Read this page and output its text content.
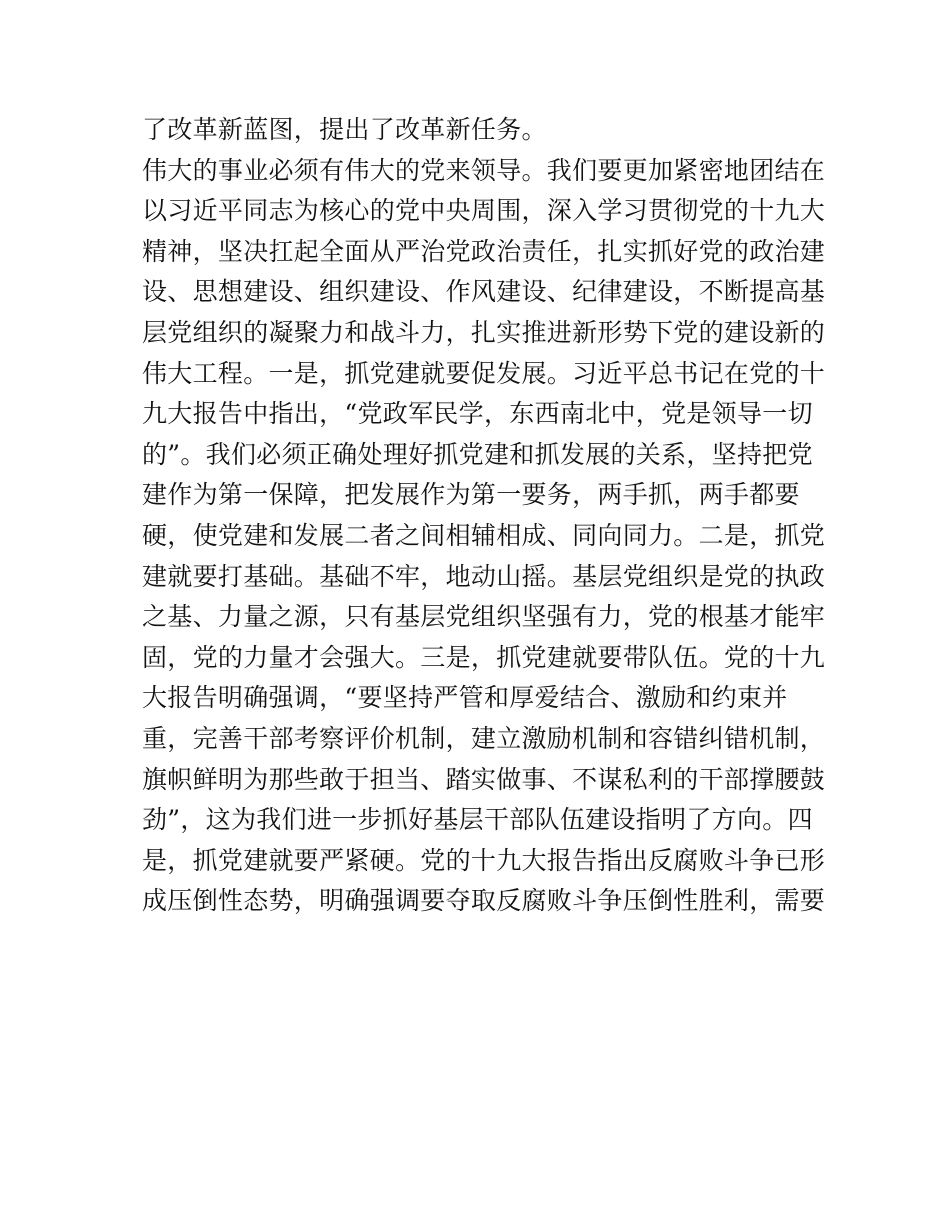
了改革新蓝图，提出了改革新任务。
伟大的事业必须有伟大的党来领导。我们要更加紧密地团结在
以习近平同志为核心的党中央周围，深入学习贯彻党的十九大
精神，坚决扛起全面从严治党政治责任，扎实抓好党的政治建
设、思想建设、组织建设、作风建设、纪律建设，不断提高基
层党组织的凝聚力和战斗力，扎实推进新形势下党的建设新的
伟大工程。一是，抓党建就要促发展。习近平总书记在党的十
九大报告中指出，“党政军民学，东西南北中，党是领导一切
的”。我们必须正确处理好抓党建和抓发展的关系，坚持把党
建作为第一保障，把发展作为第一要务，两手抓，两手都要
硬，使党建和发展二者之间相辅相成、同向同力。二是，抓党
建就要打基础。基础不牢，地动山摇。基层党组织是党的执政
之基、力量之源，只有基层党组织坚强有力，党的根基才能牢
固，党的力量才会强大。三是，抓党建就要带队伍。党的十九
大报告明确强调，“要坚持严管和厚爱结合、激励和约束并
重，完善干部考察评价机制，建立激励机制和容错纠错机制，
旗帜鲜明为那些敢于担当、踏实做事、不谋私利的干部撑腰鼓
劲”，这为我们进一步抓好基层干部队伍建设指明了方向。四
是，抓党建就要严紧硬。党的十九大报告指出反腐败斗争已形
成压倒性态势，明确强调要夺取反腐败斗争压倒性胜利，需要
